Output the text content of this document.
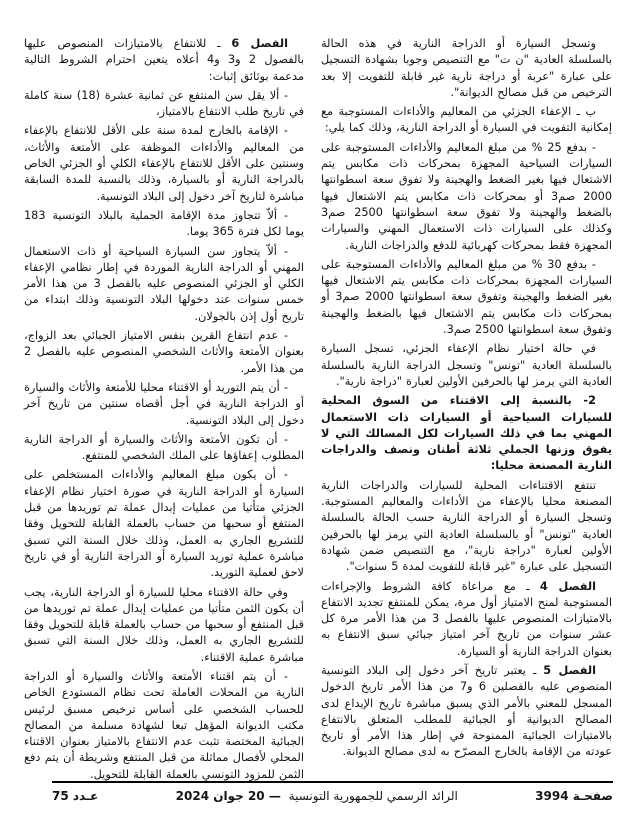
وتسجل السيارة أو الدراجة النارية في هذه الحالة بالسلسلة العادية "ن ت" مع التنصيص وجوبا بشهادة التسجيل على عبارة "عربة أو دراجة نارية غير قابلة للتفويت إلا بعد الترخيص من قبل مصالح الديوانة".

ب ـ الإعفاء الجزئي من المعاليم والأداءات المستوجبة مع إمكانية التفويت في السيارة أو الدراجة النارية، وذلك كما يلي:

- بدفع 25 % من مبلغ المعاليم والأداءات المستوجبة على السيارات السياحية المجهزة بمحركات ذات مكابس يتم الاشتعال فيها بغير الضغط والهجينة ولا تفوق سعة اسطوانتها 2000 صم3 أو بمحركات ذات مكابس يتم الاشتعال فيها بالضغط والهجينة ولا تفوق سعة اسطوانتها 2500 صم3 وكذلك على السيارات ذات الاستعمال المهني والسيارات المجهزة فقط بمحركات كهربائية للدفع والدراجات النارية.

- بدفع 30 % من مبلغ المعاليم والأداءات المستوجبة على السيارات المجهزة بمحركات ذات مكابس يتم الاشتعال فيها بغير الضغط والهجينة وتفوق سعة اسطوانتها 2000 صم3 أو بمحركات ذات مكابس يتم الاشتعال فيها بالضغط والهجينة وتفوق سعة اسطوانتها 2500 صم3.

في حالة اختيار نظام الإعفاء الجزئي، تسجل السيارة بالسلسلة العادية "تونس" وتسجل الدراجة النارية بالسلسلة العادية التي يرمز لها بالحرفين الأولين لعبارة "دراجة نارية".

2- بالنسبة إلى الاقتناء من السوق المحلية للسيارات السياحية أو السيارات ذات الاستعمال المهني بما في ذلك السيارات لكل المسالك التي لا يفوق وزنها الجملي ثلاثة أطنان ونصف والدراجات النارية المصنعة محليا:

تنتفع الاقتناءات المحلية للسيارات والدراجات النارية المصنعة محليا بالإعفاء من الأداءات والمعاليم المستوجبة. وتسجل السيارة أو الدراجة النارية حسب الحالة بالسلسلة العادية "تونس" أو بالسلسلة العادية التي يرمز لها بالحرفين الأولين لعبارة "دراجة نارية"، مع التنصيص ضمن شهادة التسجيل على عبارة "غير قابلة للتفويت لمدة 5 سنوات".

الفصل 4 ـ مع مراعاة كافة الشروط والإجراءات المستوجبة لمنح الامتياز أول مرة، يمكن للمنتفع تجديد الانتفاع بالامتيازات المنصوص عليها بالفصل 3 من هذا الأمر مرة كل عشر سنوات من تاريخ آخر امتياز جبائي سبق الانتفاع به بعنوان الدراجة النارية أو السيارة.

الفصل 5 ـ يعتبر تاريخ آخر دخول إلى البلاد التونسية المنصوص عليه بالفصلين 6 و7 من هذا الأمر تاريخ الدخول المسجل للمعني بالأمر الذي يسبق مباشرة تاريخ الإيداع لدى المصالح الديوانية أو الجبائية للمطلب المتعلق بالانتفاع بالامتيازات الجبائية الممنوحة في إطار هذا الأمر أو تاريخ عودته من الإقامة بالخارج المصرّح به لدى مصالح الديوانة.

الفصل 6 ـ للانتفاع بالامتيازات المنصوص عليها بالفصول 2 و3 و4 أعلاه يتعين احترام الشروط التالية مدعمة بوثائق إثبات:

- ألا يقل سن المنتفع عن ثمانية عشرة (18) سنة كاملة في تاريخ طلب الانتفاع بالامتياز،

- الإقامة بالخارج لمدة سنة على الأقل للانتفاع بالإعفاء من المعاليم والأداءات الموظفة على الأمتعة والأثاث، وسنتين على الأقل للانتفاع بالإعفاء الكلي أو الجزئي الخاص بالدراجة النارية أو بالسيارة، وذلك بالنسبة للمدة السابقة مباشرة لتاريخ آخر دخول إلى البلاد التونسية.

- ألاّ تتجاوز مدة الإقامة الجملية بالبلاد التونسية 183 يوما لكل فترة 365 يوما.

- ألاّ يتجاوز سن السيارة السياحية أو ذات الاستعمال المهني أو الدراجة النارية الموردة في إطار نظامي الإعفاء الكلي أو الجزئي المنصوص عليه بالفصل 3 من هذا الأمر خمس سنوات عند دخولها البلاد التونسية وذلك ابتداء من تاريخ أول إذن بالجولان.

- عدم انتفاع القرين بنفس الامتياز الجبائي بعد الزواج، بعنوان الأمتعة والأثاث الشخصي المنصوص عليه بالفصل 2 من هذا الأمر.

- أن يتم التوريد أو الاقتناء محليا للأمتعة والأثاث والسيارة أو الدراجة النارية في أجل أقصاه سنتين من تاريخ آخر دخول إلى البلاد التونسية.

- أن تكون الأمتعة والأثاث والسيارة أو الدراجة النارية المطلوب إعفاؤها على الملك الشخصي للمنتفع.

- أن يكون مبلغ المعاليم والأداءات المستخلص على السيارة أو الدراجة النارية في صورة اختيار نظام الإعفاء الجزئي متأتيا من عمليات إبدال عملة تم توريدها من قبل المنتفع أو سحبها من حساب بالعملة القابلة للتحويل وفقا للتشريع الجاري به العمل، وذلك خلال السنة التي تسبق مباشرة عملية توريد السيارة أو الدراجة النارية أو في تاريخ لاحق لعملية التوريد.

وفي حالة الاقتناء محليا للسيارة أو الدراجة النارية، يجب أن يكون الثمن متأتيا من عمليات إبدال عملة تم توريدها من قبل المنتفع أو سحبها من حساب بالعملة قابلة للتحويل وفقا للتشريع الجاري به العمل، وذلك خلال السنة التي تسبق مباشرة عملية الاقتناء.

- أن يتم اقتناء الأمتعة والأثاث والسيارة أو الدراجة النارية من المحلات العاملة تحت نظام المستودع الخاص للحساب الشخصي على أساس ترخيص مسبق لرئيس مكتب الديوانة المؤهل تبعا لشهادة مسلمة من المصالح الجبائية المختصة تثبت عدم الانتفاع بالامتياز بعنوان الاقتناء المحلي لأفصال مماثلة من قبل المنتفع وشريطة أن يتم دفع الثمن للمزود التونسي بالعملة القابلة للتحويل.

صفحـة 3994
الرائد الرسمي للجمهورية التونسية — 20 جوان 2024
عـدد 75
